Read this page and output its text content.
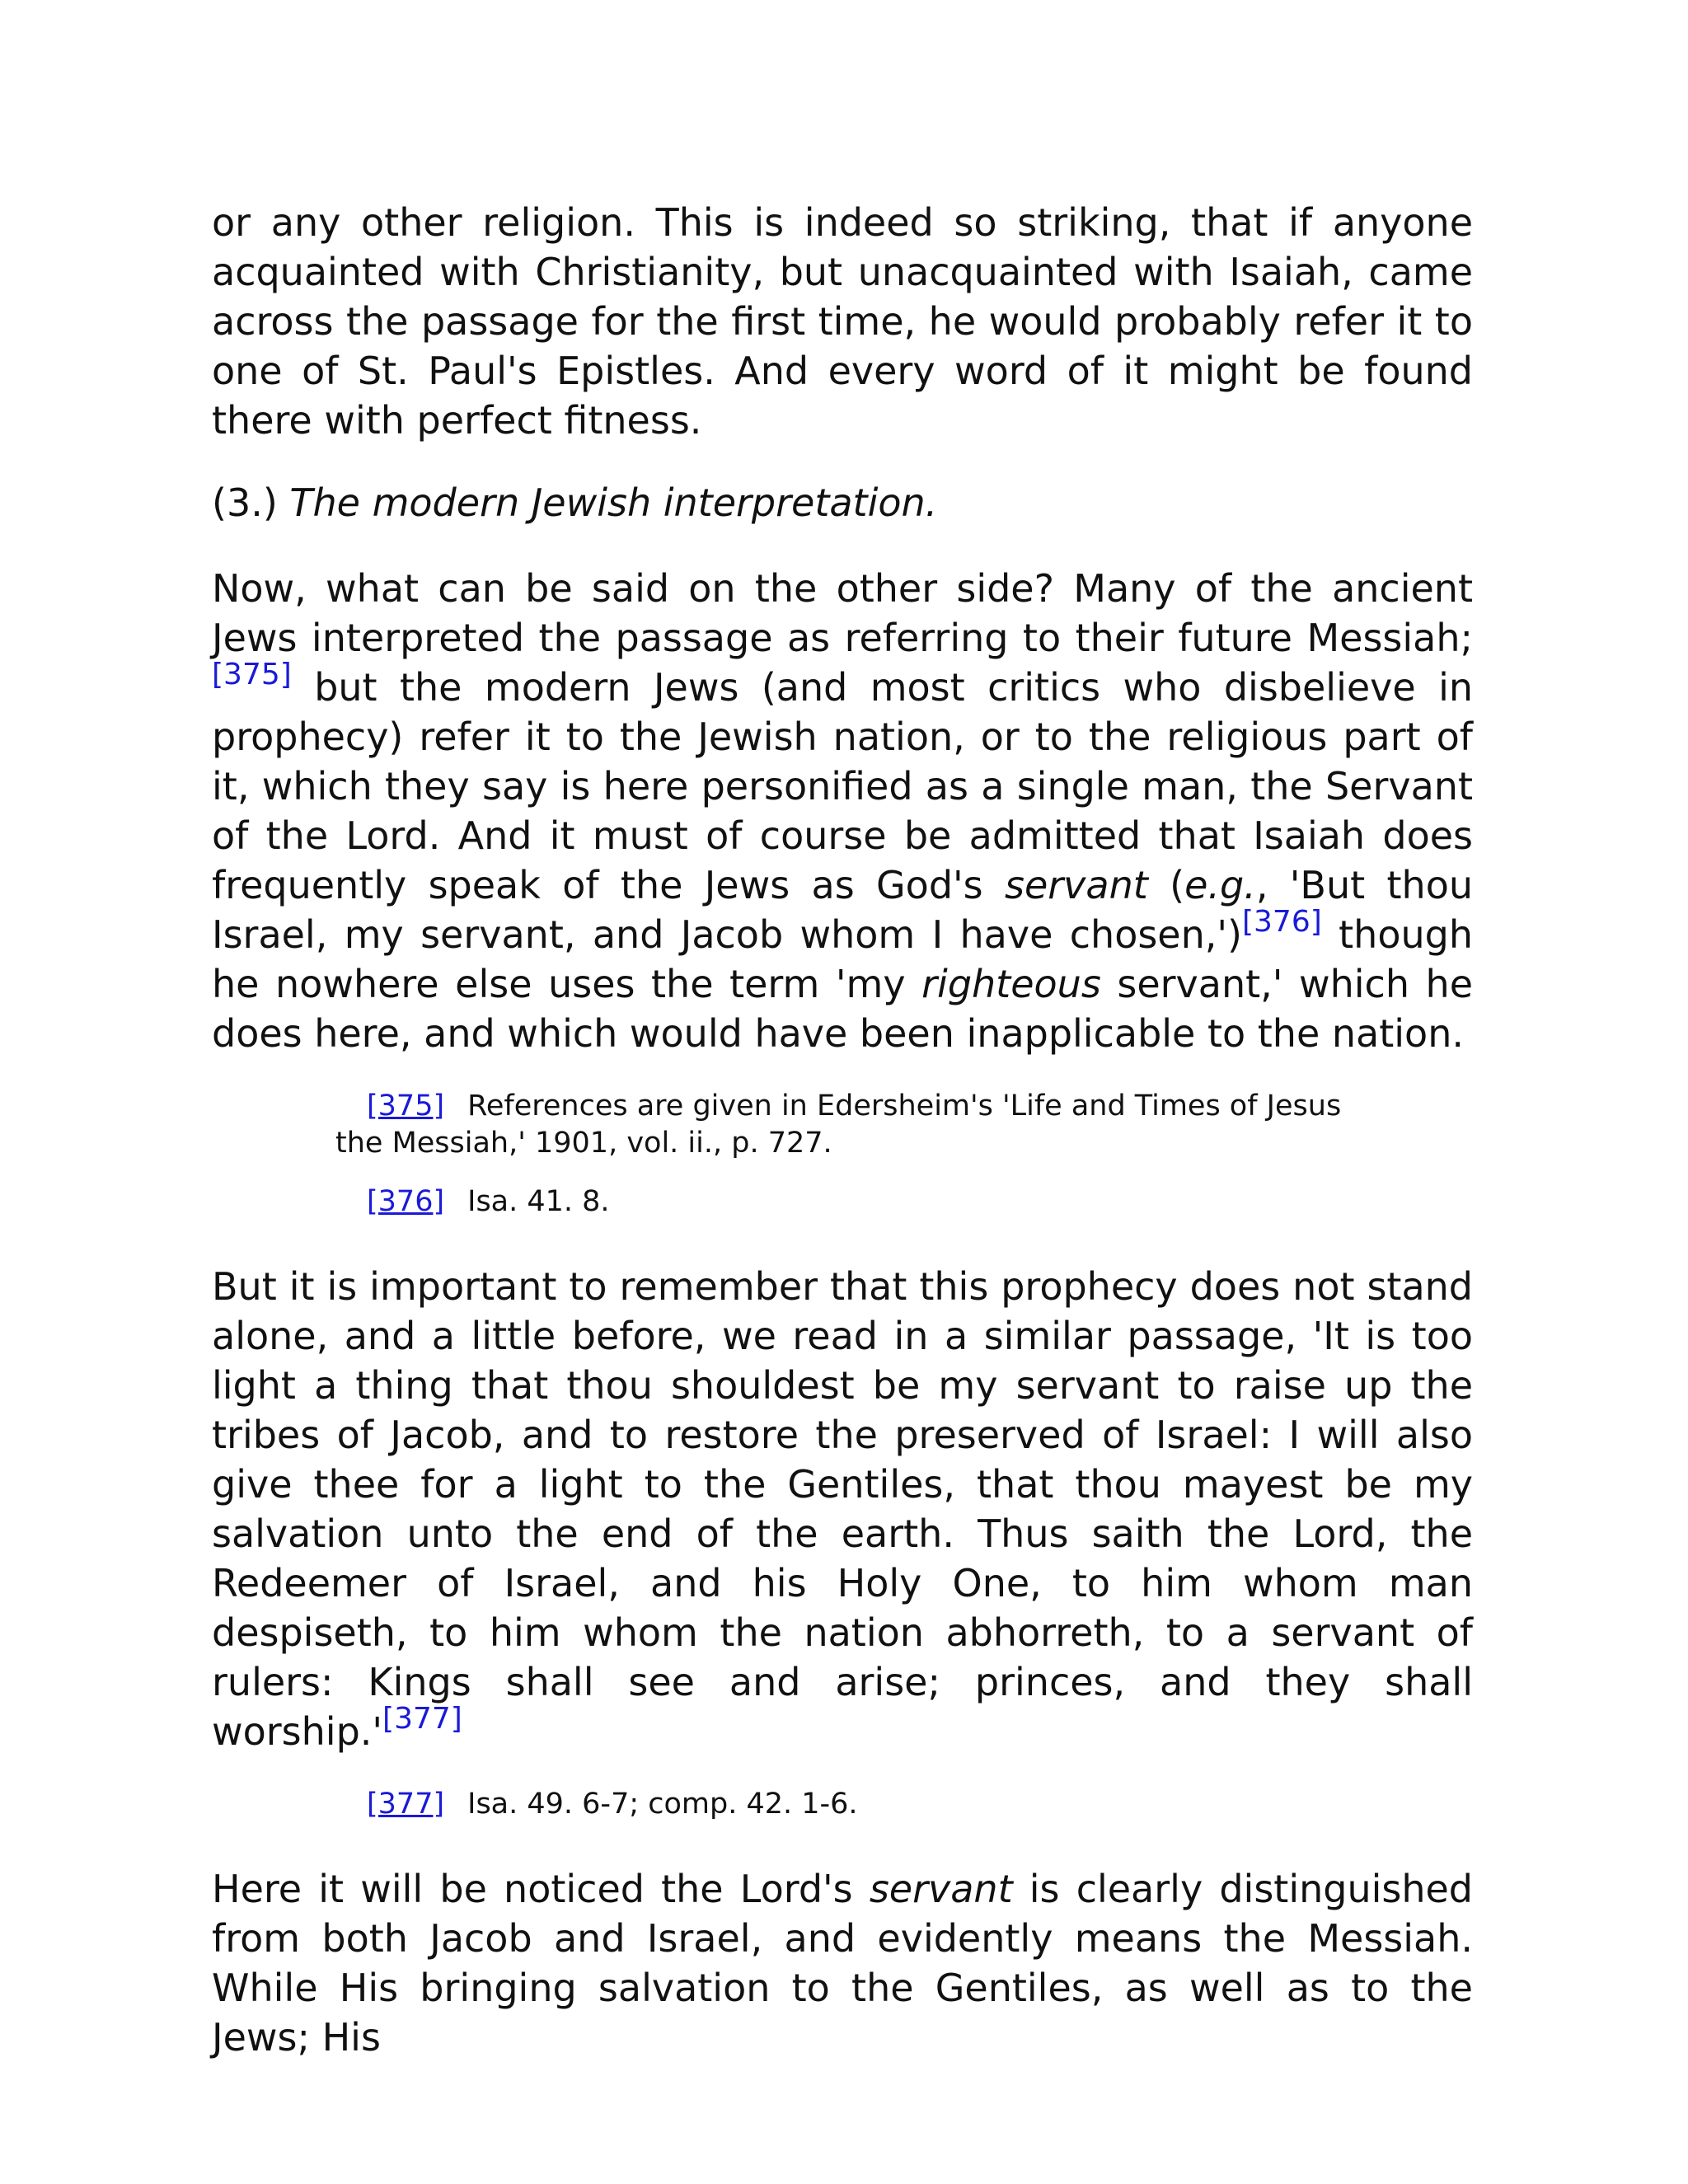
or any other religion. This is indeed so striking, that if anyone acquainted with Christianity, but unacquainted with Isaiah, came across the passage for the first time, he would probably refer it to one of St. Paul's Epistles. And every word of it might be found there with perfect fitness.

(3.) The modern Jewish interpretation.

Now, what can be said on the other side? Many of the ancient Jews interpreted the passage as referring to their future Messiah;[375] but the modern Jews (and most critics who disbelieve in prophecy) refer it to the Jewish nation, or to the religious part of it, which they say is here personified as a single man, the Servant of the Lord. And it must of course be admitted that Isaiah does frequently speak of the Jews as God's servant (e.g., 'But thou Israel, my servant, and Jacob whom I have chosen,')[376] though he nowhere else uses the term 'my righteous servant,' which he does here, and which would have been inapplicable to the nation.

[375] References are given in Edersheim's 'Life and Times of Jesus the Messiah,' 1901, vol. ii., p. 727.
[376] Isa. 41. 8.

But it is important to remember that this prophecy does not stand alone, and a little before, we read in a similar passage, 'It is too light a thing that thou shouldest be my servant to raise up the tribes of Jacob, and to restore the preserved of Israel: I will also give thee for a light to the Gentiles, that thou mayest be my salvation unto the end of the earth. Thus saith the Lord, the Redeemer of Israel, and his Holy One, to him whom man despiseth, to him whom the nation abhorreth, to a servant of rulers: Kings shall see and arise; princes, and they shall worship.'[377]

[377] Isa. 49. 6-7; comp. 42. 1-6.

Here it will be noticed the Lord's servant is clearly distinguished from both Jacob and Israel, and evidently means the Messiah. While His bringing salvation to the Gentiles, as well as to the Jews; His
